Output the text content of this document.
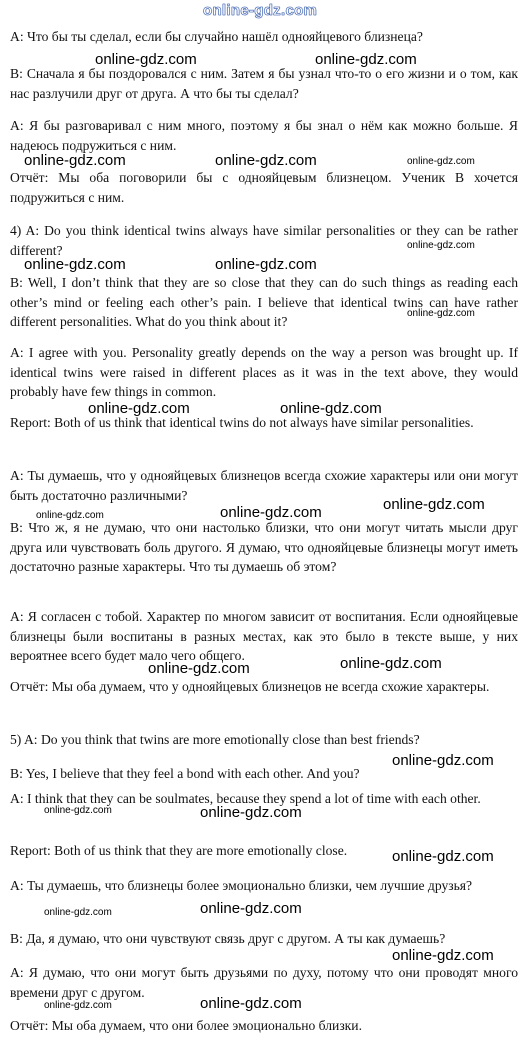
online-gdz.com

A: Что бы ты сделал, если бы случайно нашёл однояйцевого близнеца?

B: Сначала я бы поздоровался с ним. Затем я бы узнал что-то о его жизни и о том, как нас разлучили друг от друга. А что бы ты сделал?

A: Я бы разговаривал с ним много, поэтому я бы знал о нём как можно больше. Я надеюсь подружиться с ним.

Отчёт: Мы оба поговорили бы с однояйцевым близнецом. Ученик B хочется подружиться с ним.

4) A: Do you think identical twins always have similar personalities or they can be rather different?

B: Well, I don’t think that they are so close that they can do such things as reading each other’s mind or feeling each other’s pain. I believe that identical twins can have rather different personalities. What do you think about it?

A: I agree with you. Personality greatly depends on the way a person was brought up. If identical twins were raised in different places as it was in the text above, they would probably have few things in common.

Report: Both of us think that identical twins do not always have similar personalities.

A: Ты думаешь, что у однояйцевых близнецов всегда схожие характеры или они могут быть достаточно различными?

B: Что ж, я не думаю, что они настолько близки, что они могут читать мысли друг друга или чувствовать боль другого. Я думаю, что однояйцевые близнецы могут иметь достаточно разные характеры. Что ты думаешь об этом?

A: Я согласен с тобой. Характер по многом зависит от воспитания. Если однояйцевые близнецы были воспитаны в разных местах, как это было в тексте выше, у них вероятнее всего будет мало чего общего.

Отчёт: Мы оба думаем, что у однояйцевых близнецов не всегда схожие характеры.

5) A: Do you think that twins are more emotionally close than best friends?

B: Yes, I believe that they feel a bond with each other. And you?

A: I think that they can be soulmates, because they spend a lot of time with each other.

Report: Both of us think that they are more emotionally close.

A: Ты думаешь, что близнецы более эмоционально близки, чем лучшие друзья?

B: Да, я думаю, что они чувствуют связь друг с другом. А ты как думаешь?

A: Я думаю, что они могут быть друзьями по духу, потому что они проводят много времени друг с другом.

Отчёт: Мы оба думаем, что они более эмоционально близки.

online-gdz.com	online-gdz.com
online-gdz.com	online-gdz.com	online-gdz.com
online-gdz.com
online-gdz.com	online-gdz.com
online-gdz.com
online-gdz.com	online-gdz.com
online-gdz.com
online-gdz.com	online-gdz.com
online-gdz.com	online-gdz.com
online-gdz.com
online-gdz.com	online-gdz.com
online-gdz.com
online-gdz.com	online-gdz.com
online-gdz.com
online-gdz.com	online-gdz.com
